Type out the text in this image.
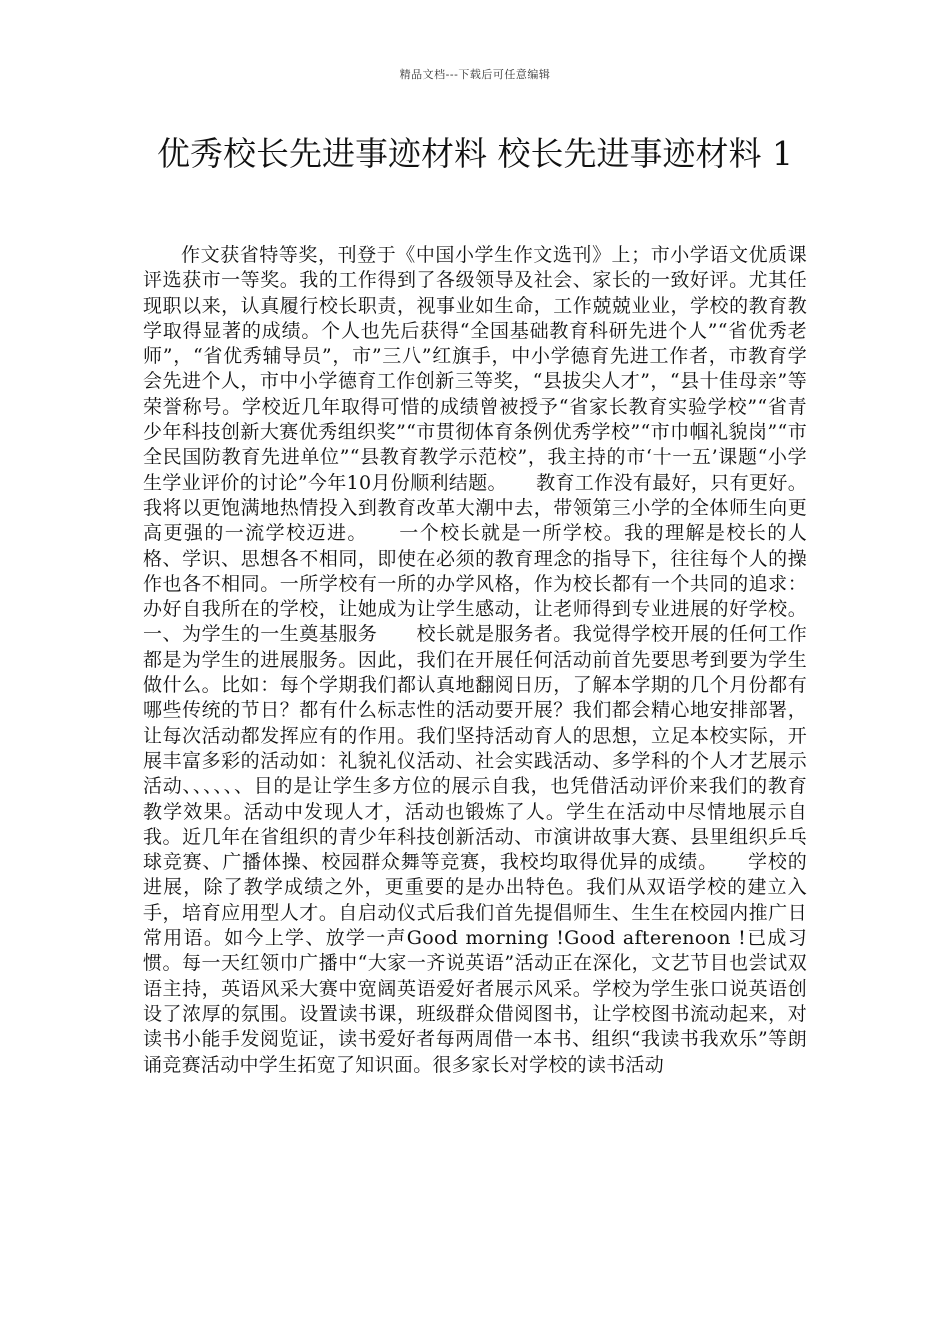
精品文档---下载后可任意编辑
优秀校长先进事迹材料 校长先进事迹材料 1

作文获省特等奖，刊登于《中国小学生作文选刊》上；市小学语文优质课评选获市一等奖。我的工作得到了各级领导及社会、家长的一致好评。尤其任现职以来，认真履行校长职责，视事业如生命，工作兢兢业业，学校的教育教学取得显著的成绩。个人也先后获得“全国基础教育科研先进个人”“省优秀老师”，“省优秀辅导员”，市”三八”红旗手，中小学德育先进工作者，市教育学会先进个人，市中小学德育工作创新三等奖，“县拔尖人才”，“县十佳母亲”等荣誉称号。学校近几年取得可惜的成绩曾被授予“省家长教育实验学校”“省青少年科技创新大赛优秀组织奖”“市贯彻体育条例优秀学校”“市巾帼礼貌岗”“市全民国防教育先进单位”“县教育教学示范校”，我主持的市‘十一五’课题“小学生学业评价的讨论”今年10月份顺利结题。　　教育工作没有最好，只有更好。我将以更饱满地热情投入到教育改革大潮中去，带领第三小学的全体师生向更高更强的一流学校迈进。　　一个校长就是一所学校。我的理解是校长的人格、学识、思想各不相同，即使在必须的教育理念的指导下，往往每个人的操作也各不相同。一所学校有一所的办学风格，作为校长都有一个共同的追求：办好自我所在的学校，让她成为让学生感动，让老师得到专业进展的好学校。一、为学生的一生奠基服务　　校长就是服务者。我觉得学校开展的任何工作都是为学生的进展服务。因此，我们在开展任何活动前首先要思考到要为学生做什么。比如：每个学期我们都认真地翻阅日历，了解本学期的几个月份都有哪些传统的节日？都有什么标志性的活动要开展？我们都会精心地安排部署，让每次活动都发挥应有的作用。我们坚持活动育人的思想，立足本校实际，开展丰富多彩的活动如：礼貌礼仪活动、社会实践活动、多学科的个人才艺展示活动、、、、、、目的是让学生多方位的展示自我，也凭借活动评价来我们的教育教学效果。活动中发现人才，活动也锻炼了人。学生在活动中尽情地展示自我。近几年在省组织的青少年科技创新活动、市演讲故事大赛、县里组织乒乓球竞赛、广播体操、校园群众舞等竞赛，我校均取得优异的成绩。　　学校的进展，除了教学成绩之外，更重要的是办出特色。我们从双语学校的建立入手，培育应用型人才。自启动仪式后我们首先提倡师生、生生在校园内推广日常用语。如今上学、放学一声Good morning !Good afterenoon !已成习惯。每一天红领巾广播中“大家一齐说英语”活动正在深化，文艺节目也尝试双语主持，英语风采大赛中宽阔英语爱好者展示风采。学校为学生张口说英语创设了浓厚的氛围。设置读书课，班级群众借阅图书，让学校图书流动起来，对读书小能手发阅览证，读书爱好者每两周借一本书、组织“我读书我欢乐”等朗诵竞赛活动中学生拓宽了知识面。很多家长对学校的读书活动
